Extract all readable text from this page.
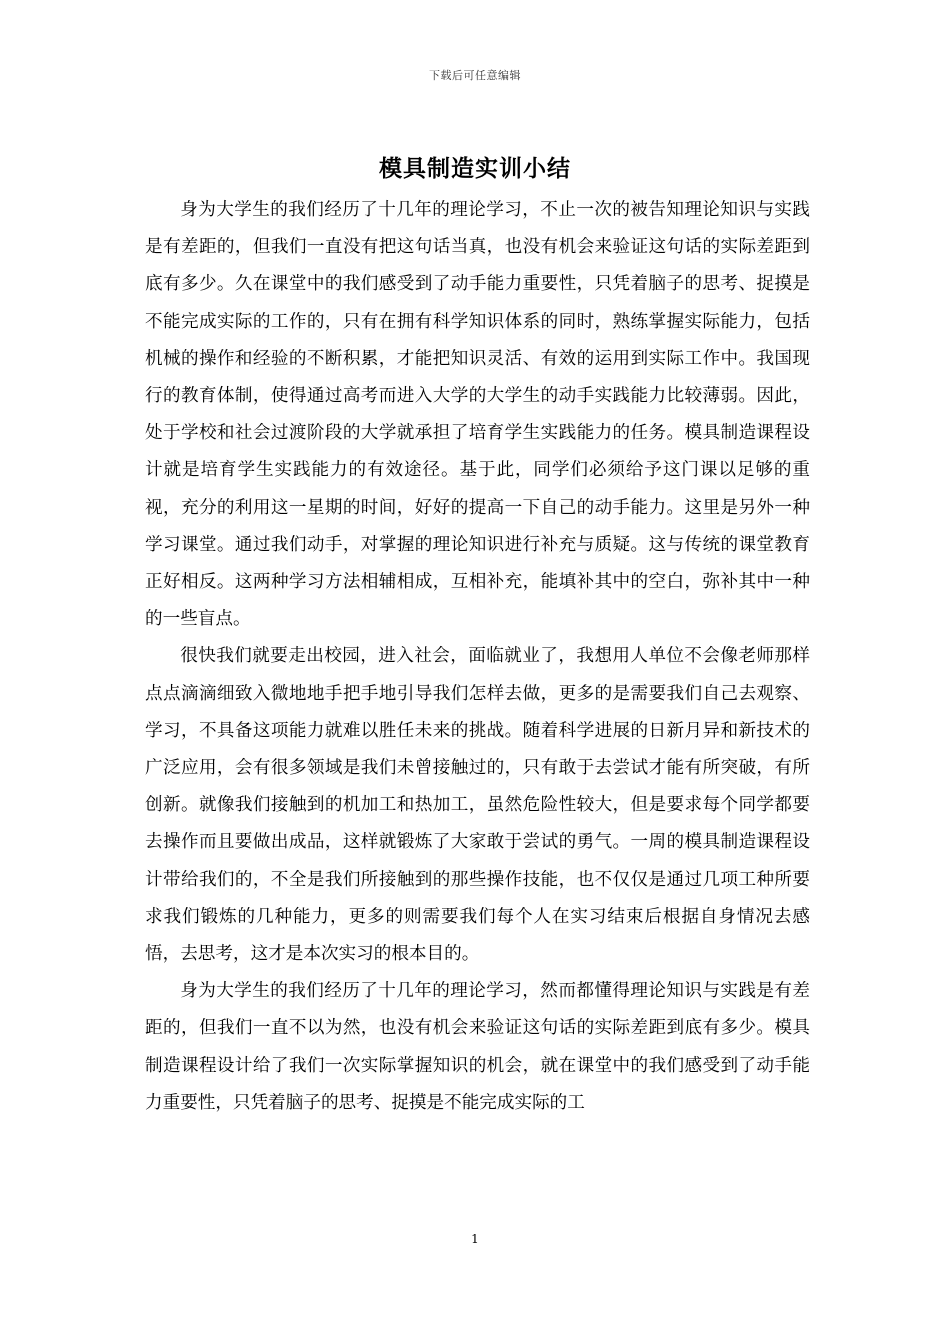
下载后可任意编辑
模具制造实训小结

身为大学生的我们经历了十几年的理论学习，不止一次的被告知理论知识与实践是有差距的，但我们一直没有把这句话当真，也没有机会来验证这句话的实际差距到底有多少。久在课堂中的我们感受到了动手能力重要性，只凭着脑子的思考、捉摸是不能完成实际的工作的，只有在拥有科学知识体系的同时，熟练掌握实际能力，包括机械的操作和经验的不断积累，才能把知识灵活、有效的运用到实际工作中。我国现行的教育体制，使得通过高考而进入大学的大学生的动手实践能力比较薄弱。因此，处于学校和社会过渡阶段的大学就承担了培育学生实践能力的任务。模具制造课程设计就是培育学生实践能力的有效途径。基于此，同学们必须给予这门课以足够的重视，充分的利用这一星期的时间，好好的提高一下自己的动手能力。这里是另外一种学习课堂。通过我们动手，对掌握的理论知识进行补充与质疑。这与传统的课堂教育正好相反。这两种学习方法相辅相成，互相补充，能填补其中的空白，弥补其中一种的一些盲点。

很快我们就要走出校园，进入社会，面临就业了，我想用人单位不会像老师那样点点滴滴细致入微地地手把手地引导我们怎样去做，更多的是需要我们自己去观察、学习，不具备这项能力就难以胜任未来的挑战。随着科学进展的日新月异和新技术的广泛应用，会有很多领域是我们未曾接触过的，只有敢于去尝试才能有所突破，有所创新。就像我们接触到的机加工和热加工，虽然危险性较大，但是要求每个同学都要去操作而且要做出成品，这样就锻炼了大家敢于尝试的勇气。一周的模具制造课程设计带给我们的，不全是我们所接触到的那些操作技能，也不仅仅是通过几项工种所要求我们锻炼的几种能力，更多的则需要我们每个人在实习结束后根据自身情况去感悟，去思考，这才是本次实习的根本目的。

身为大学生的我们经历了十几年的理论学习，然而都懂得理论知识与实践是有差距的，但我们一直不以为然，也没有机会来验证这句话的实际差距到底有多少。模具制造课程设计给了我们一次实际掌握知识的机会，就在课堂中的我们感受到了动手能力重要性，只凭着脑子的思考、捉摸是不能完成实际的工

1
